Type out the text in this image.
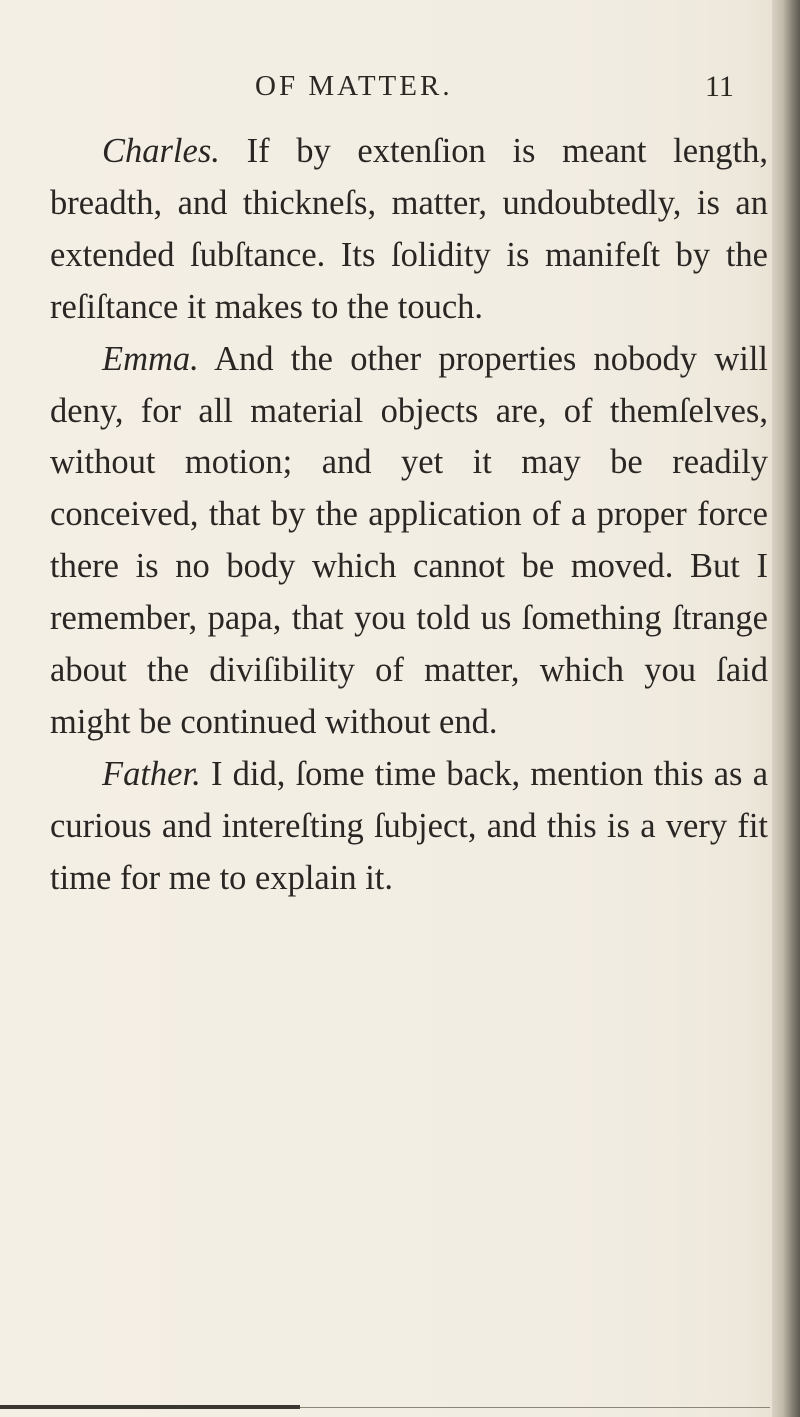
OF MATTER.	11

Charles. If by extenſion is meant length, breadth, and thickneſs, matter, undoubtedly, is an extended ſubſtance. Its ſolidity is manifeſt by the reſiſtance it makes to the touch.

Emma. And the other properties nobody will deny, for all material objects are, of themſelves, without motion; and yet it may be readily conceived, that by the application of a proper force there is no body which cannot be moved. But I remember, papa, that you told us ſomething ſtrange about the diviſibility of matter, which you ſaid might be continued without end.

Father. I did, ſome time back, mention this as a curious and intereſting ſubject, and this is a very fit time for me to explain it.
